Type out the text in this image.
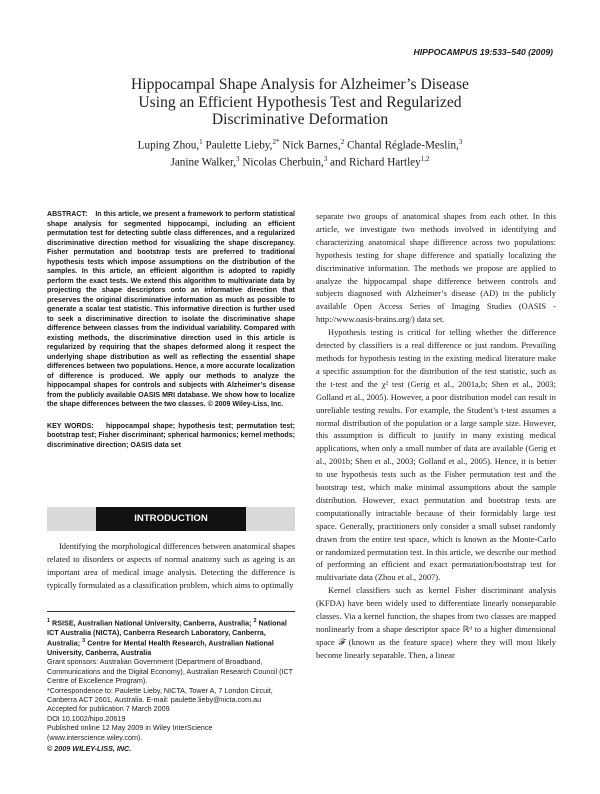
HIPPOCAMPUS 19:533–540 (2009)
Hippocampal Shape Analysis for Alzheimer’s Disease
Using an Efficient Hypothesis Test and Regularized
Discriminative Deformation
Luping Zhou,$^1$ Paulette Lieby,$^{2*}$ Nick Barnes,$^2$ Chantal Réglade-Meslin,$^3$
Janine Walker,$^3$ Nicolas Cherbuin,$^3$ and Richard Hartley$^{1,2}$

ABSTRACT: In this article, we present a framework to perform statistical shape analysis for segmented hippocampi, including an efficient permutation test for detecting subtle class differences, and a regularized discriminative direction method for visualizing the shape discrepancy. Fisher permutation and bootstrap tests are preferred to traditional hypothesis tests which impose assumptions on the distribution of the samples. In this article, an efficient algorithm is adopted to rapidly perform the exact tests. We extend this algorithm to multivariate data by projecting the shape descriptors onto an informative direction that preserves the original discriminative information as much as possible to generate a scalar test statistic. This informative direction is further used to seek a discriminative direction to isolate the discriminative shape difference between classes from the individual variability. Compared with existing methods, the discriminative direction used in this article is regularized by requiring that the shapes deformed along it respect the underlying shape distribution as well as reflecting the essential shape differences between two populations. Hence, a more accurate localization of difference is produced. We apply our methods to analyze the hippocampal shapes for controls and subjects with Alzheimer’s disease from the publicly available OASIS MRI database. We show how to localize the shape differences between the two classes. © 2009 Wiley-Liss, Inc.

KEY WORDS: hippocampal shape; hypothesis test; permutation test; bootstrap test; Fisher discriminant; spherical harmonics; kernel methods; discriminative direction; OASIS data set

INTRODUCTION

Identifying the morphological differences between anatomical shapes related to disorders or aspects of normal anatomy such as ageing is an important area of medical image analysis. Detecting the difference is typically formulated as a classification problem, which aims to optimally

$^1$ RSISE, Australian National University, Canberra, Australia; $^2$ National ICT Australia (NICTA), Canberra Research Laboratory, Canberra, Australia; $^3$ Centre for Mental Health Research, Australian National University, Canberra, Australia

Grant sponsors: Australian Government (Department of Broadband, Communications and the Digital Economy), Australian Research Council (ICT Centre of Excellence Program).

*Correspondence to: Paulette Lieby, NICTA, Tower A, 7 London Circuit, Canberra ACT 2601, Australia. E-mail: paulette.lieby@nicta.com.au

Accepted for publication 7 March 2009

DOI 10.1002/hipo.20619

Published online 12 May 2009 in Wiley InterScience (www.interscience.wiley.com).

© 2009 WILEY-LISS, INC.

separate two groups of anatomical shapes from each other. In this article, we investigate two methods involved in identifying and characterizing anatomical shape difference across two populations: hypothesis testing for shape difference and spatially localizing the discriminative information. The methods we propose are applied to analyze the hippocampal shape difference between controls and subjects diagnosed with Alzheimer’s disease (AD) in the publicly available Open Access Series of Imaging Studies (OASIS - http://www.oasis-brains.org/) data set.

Hypothesis testing is critical for telling whether the difference detected by classifiers is a real difference or just random. Prevailing methods for hypothesis testing in the existing medical literature make a specific assumption for the distribution of the test statistic, such as the t-test and the χ² test (Gerig et al., 2001a,b; Shen et al., 2003; Golland et al., 2005). However, a poor distribution model can result in unreliable testing results. For example, the Student’s t-test assumes a normal distribution of the population or a large sample size. However, this assumption is difficult to justify in many existing medical applications, when only a small number of data are available (Gerig et al., 2001b; Shen et al., 2003; Golland et al., 2005). Hence, it is better to use hypothesis tests such as the Fisher permutation test and the bootstrap test, which make minimal assumptions about the sample distribution. However, exact permutation and bootstrap tests are computationally intractable because of their formidably large test space. Generally, practitioners only consider a small subset randomly drawn from the entire test space, which is known as the Monte-Carlo or randomized permutation test. In this article, we describe our method of performing an efficient and exact permutation/bootstrap test for multivariate data (Zhou et al., 2007).

Kernel classifiers such as kernel Fisher discriminant analysis (KFDA) have been widely used to differentiate linearly nonseparable classes. Via a kernel function, the shapes from two classes are mapped nonlinearly from a shape descriptor space ℝᵈ to a higher dimensional space 𝓕 (known as the feature space) where they will most likely become linearly separable. Then, a linear
